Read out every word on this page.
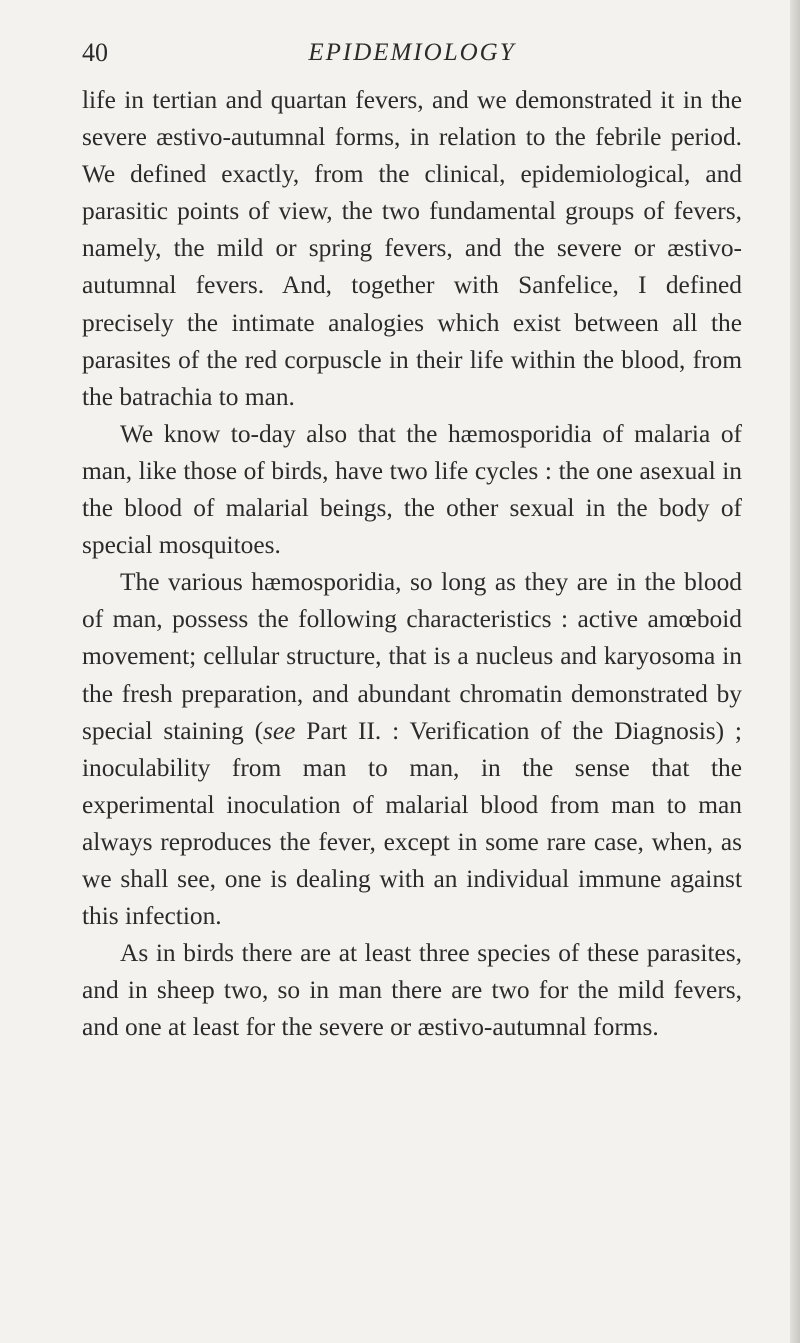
40	EPIDEMIOLOGY

life in tertian and quartan fevers, and we demonstrated it in the severe æstivo-autumnal forms, in relation to the febrile period. We defined exactly, from the clinical, epidemiological, and parasitic points of view, the two fundamental groups of fevers, namely, the mild or spring fevers, and the severe or æstivo-autumnal fevers. And, together with Sanfelice, I defined precisely the intimate analogies which exist between all the parasites of the red corpuscle in their life within the blood, from the batrachia to man.

We know to-day also that the hæmosporidia of malaria of man, like those of birds, have two life cycles : the one asexual in the blood of malarial beings, the other sexual in the body of special mosquitoes.

The various hæmosporidia, so long as they are in the blood of man, possess the following characteristics : active amœboid movement; cellular structure, that is a nucleus and karyosoma in the fresh preparation, and abundant chromatin demonstrated by special staining (see Part II. : Verification of the Diagnosis) ; inoculability from man to man, in the sense that the experimental inoculation of malarial blood from man to man always reproduces the fever, except in some rare case, when, as we shall see, one is dealing with an individual immune against this infection.

As in birds there are at least three species of these parasites, and in sheep two, so in man there are two for the mild fevers, and one at least for the severe or æstivo-autumnal forms.
